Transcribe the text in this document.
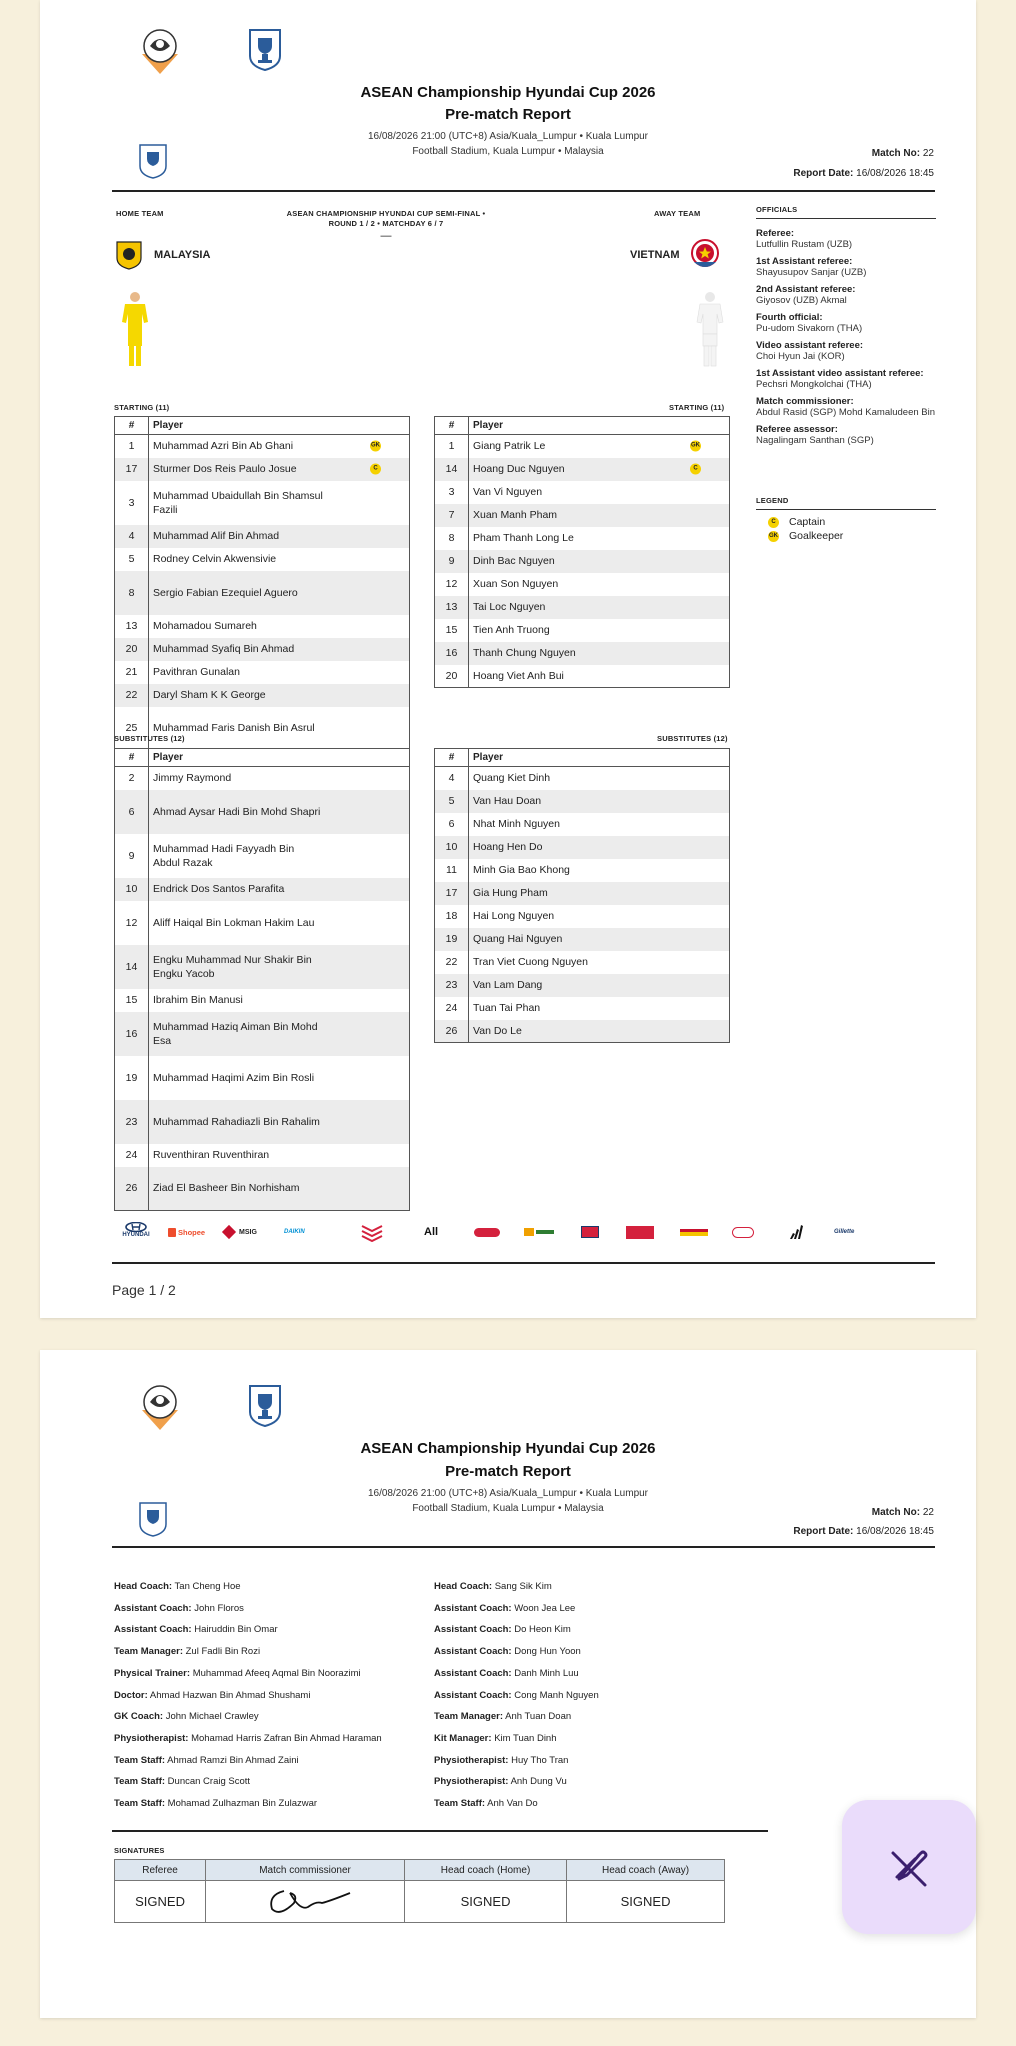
ASEAN Championship Hyundai Cup 2026
Pre-match Report
16/08/2026 21:00 (UTC+8) Asia/Kuala_Lumpur • Kuala Lumpur
Football Stadium, Kuala Lumpur • Malaysia	Match No: 22
Report Date: 16/08/2026 18:45
HOME TEAM	ASEAN CHAMPIONSHIP HYUNDAI CUP SEMI-FINAL •
ROUND 1 / 2 • MATCHDAY 6 / 7
—
AWAY TEAM
MALAYSIA	VIETNAM
STARTING (11)	STARTING (11)
#	Player
1	Muhammad Azri Bin Ab Ghani GK

17	Sturmer Dos Reis Paulo Josue C

3	Muhammad Ubaidullah Bin Shamsul Fazili
4	Muhammad Alif Bin Ahmad
5	Rodney Celvin Akwensivie
8	Sergio Fabian Ezequiel Aguero
13	Mohamadou Sumareh
20	Muhammad Syafiq Bin Ahmad
21	Pavithran Gunalan
22	Daryl Sham K K George
25	Muhammad Faris Danish Bin Asrul
#	Player
1	Giang Patrik Le GK

14	Hoang Duc Nguyen C

3	Van Vi Nguyen
7	Xuan Manh Pham
8	Pham Thanh Long Le
9	Dinh Bac Nguyen
12	Xuan Son Nguyen
13	Tai Loc Nguyen
15	Tien Anh Truong
16	Thanh Chung Nguyen
20	Hoang Viet Anh Bui
SUBSTITUTES (12)	SUBSTITUTES (12)
#	Player
2	Jimmy Raymond
6	Ahmad Aysar Hadi Bin Mohd Shapri
9	Muhammad Hadi Fayyadh Bin Abdul Razak
10	Endrick Dos Santos Parafita
12	Aliff Haiqal Bin Lokman Hakim Lau
14	Engku Muhammad Nur Shakir Bin Engku Yacob
15	Ibrahim Bin Manusi
16	Muhammad Haziq Aiman Bin Mohd Esa
19	Muhammad Haqimi Azim Bin Rosli
23	Muhammad Rahadiazli Bin Rahalim
24	Ruventhiran Ruventhiran
26	Ziad El Basheer Bin Norhisham
#	Player
4	Quang Kiet Dinh
5	Van Hau Doan
6	Nhat Minh Nguyen
10	Hoang Hen Do
11	Minh Gia Bao Khong
17	Gia Hung Pham
18	Hai Long Nguyen
19	Quang Hai Nguyen
22	Tran Viet Cuong Nguyen
23	Van Lam Dang
24	Tuan Tai Phan
26	Van Do Le
OFFICIALS
Referee:
Lutfullin Rustam (UZB)
1st Assistant referee:
Shayusupov Sanjar (UZB)
2nd Assistant referee:
Giyosov (UZB) Akmal
Fourth official:
Pu-udom Sivakorn (THA)
Video assistant referee:
Choi Hyun Jai (KOR)
1st Assistant video assistant referee:
Pechsri Mongkolchai (THA)
Match commissioner:
Abdul Rasid (SGP) Mohd Kamaludeen Bin
Referee assessor:
Nagalingam Santhan (SGP)
LEGEND
C	Captain
GK Goalkeeper
HYUNDAI	Shopee	MSIG	DAIKIN	All	Gillette
Page 1 / 2
ASEAN Championship Hyundai Cup 2026
Pre-match Report
16/08/2026 21:00 (UTC+8) Asia/Kuala_Lumpur • Kuala Lumpur
Football Stadium, Kuala Lumpur • Malaysia	Match No: 22
Report Date: 16/08/2026 18:45
Head Coach: Tan Cheng Hoe
Assistant Coach: John Floros
Assistant Coach: Hairuddin Bin Omar
Team Manager: Zul Fadli Bin Rozi
Physical Trainer: Muhammad Afeeq Aqmal Bin Noorazimi
Doctor: Ahmad Hazwan Bin Ahmad Shushami
GK Coach: John Michael Crawley
Physiotherapist: Mohamad Harris Zafran Bin Ahmad Haraman
Team Staff: Ahmad Ramzi Bin Ahmad Zaini
Team Staff: Duncan Craig Scott
Team Staff: Mohamad Zulhazman Bin Zulazwar
Head Coach: Sang Sik Kim
Assistant Coach: Woon Jea Lee
Assistant Coach: Do Heon Kim
Assistant Coach: Dong Hun Yoon
Assistant Coach: Danh Minh Luu
Assistant Coach: Cong Manh Nguyen
Team Manager: Anh Tuan Doan
Kit Manager: Kim Tuan Dinh
Physiotherapist: Huy Tho Tran
Physiotherapist: Anh Dung Vu
Team Staff: Anh Van Do
SIGNATURES
Referee	Match commissioner	Head coach (Home)	Head coach (Away)
SIGNED		SIGNED	SIGNED
